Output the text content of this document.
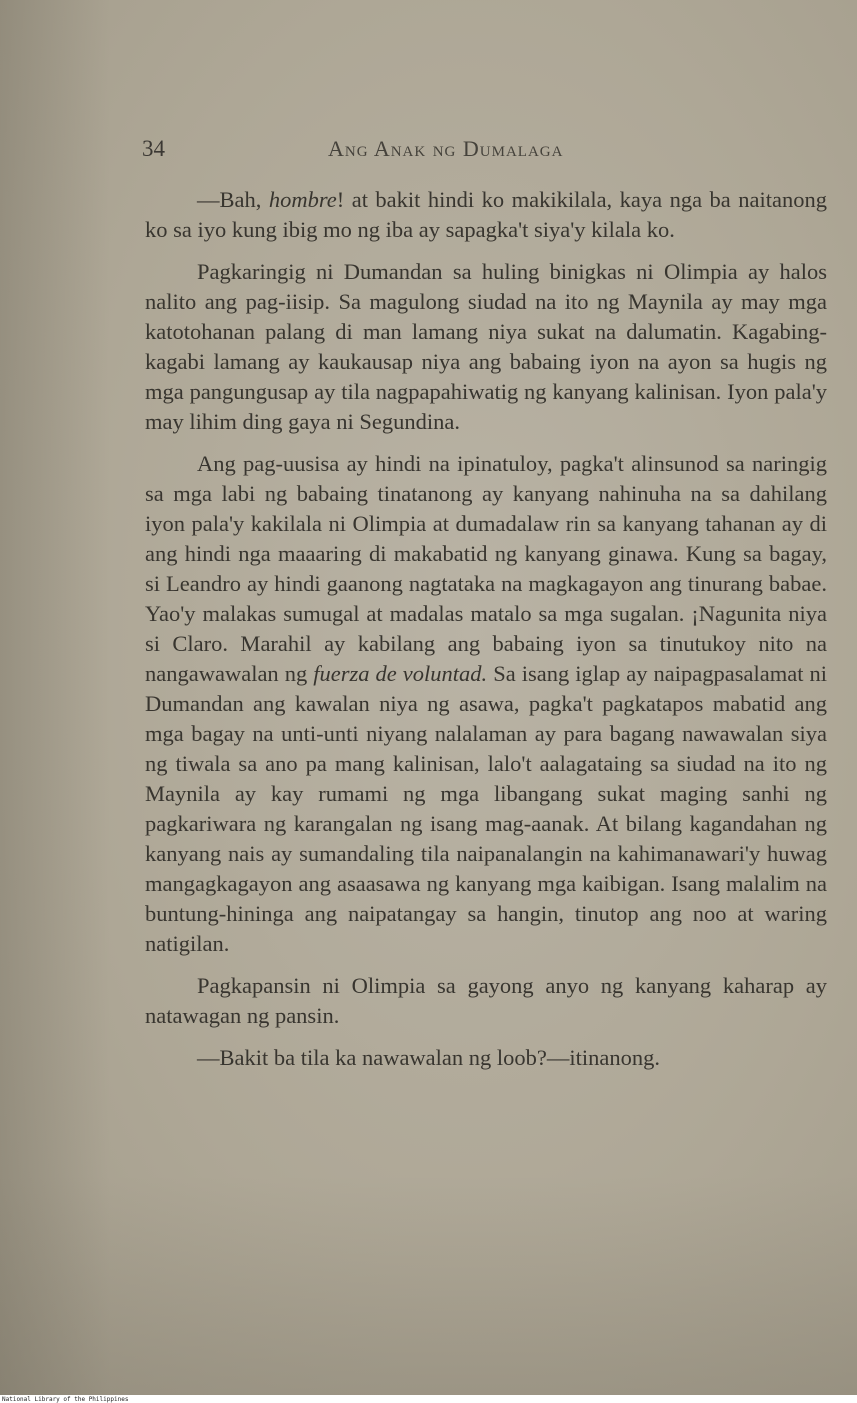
34	Ang Anak ng Dumalaga

—Bah, hombre! at bakit hindi ko makikilala, kaya nga ba naitanong ko sa iyo kung ibig mo ng iba ay sapagka't siya'y kilala ko.

Pagkaringig ni Dumandan sa huling binigkas ni Olimpia ay halos nalito ang pag-iisip. Sa magulong siudad na ito ng Maynila ay may mga katotohanan palang di man lamang niya sukat na dalumatin. Kagabing-kagabi lamang ay kaukausap niya ang babaing iyon na ayon sa hugis ng mga pangungusap ay tila nagpapahiwatig ng kanyang kalinisan. Iyon pala'y may lihim ding gaya ni Segundina.

Ang pag-uusisa ay hindi na ipinatuloy, pagka't alinsunod sa naringig sa mga labi ng babaing tinatanong ay kanyang nahinuha na sa dahilang iyon pala'y kakilala ni Olimpia at dumadalaw rin sa kanyang tahanan ay di ang hindi nga maaaring di makabatid ng kanyang ginawa. Kung sa bagay, si Leandro ay hindi gaanong nagtataka na magkagayon ang tinurang babae. Yao'y malakas sumugal at madalas matalo sa mga sugalan. ¡Nagunita niya si Claro. Marahil ay kabilang ang babaing iyon sa tinutukoy nito na nangawawalan ng fuerza de voluntad. Sa isang iglap ay naipagpasalamat ni Dumandan ang kawalan niya ng asawa, pagka't pagkatapos mabatid ang mga bagay na unti-unti niyang nalalaman ay para bagang nawawalan siya ng tiwala sa ano pa mang kalinisan, lalo't aalagataing sa siudad na ito ng Maynila ay kay rumami ng mga libangang sukat maging sanhi ng pagkariwara ng karangalan ng isang mag-aanak. At bilang kagandahan ng kanyang nais ay sumandaling tila naipanalangin na kahimanawari'y huwag mangagkagayon ang asaasawa ng kanyang mga kaibigan. Isang malalim na buntung-hininga ang naipatangay sa hangin, tinutop ang noo at waring natigilan.

Pagkapansin ni Olimpia sa gayong anyo ng kanyang kaharap ay natawagan ng pansin.

—Bakit ba tila ka nawawalan ng loob?—itinanong.

National Library of the Philippines
